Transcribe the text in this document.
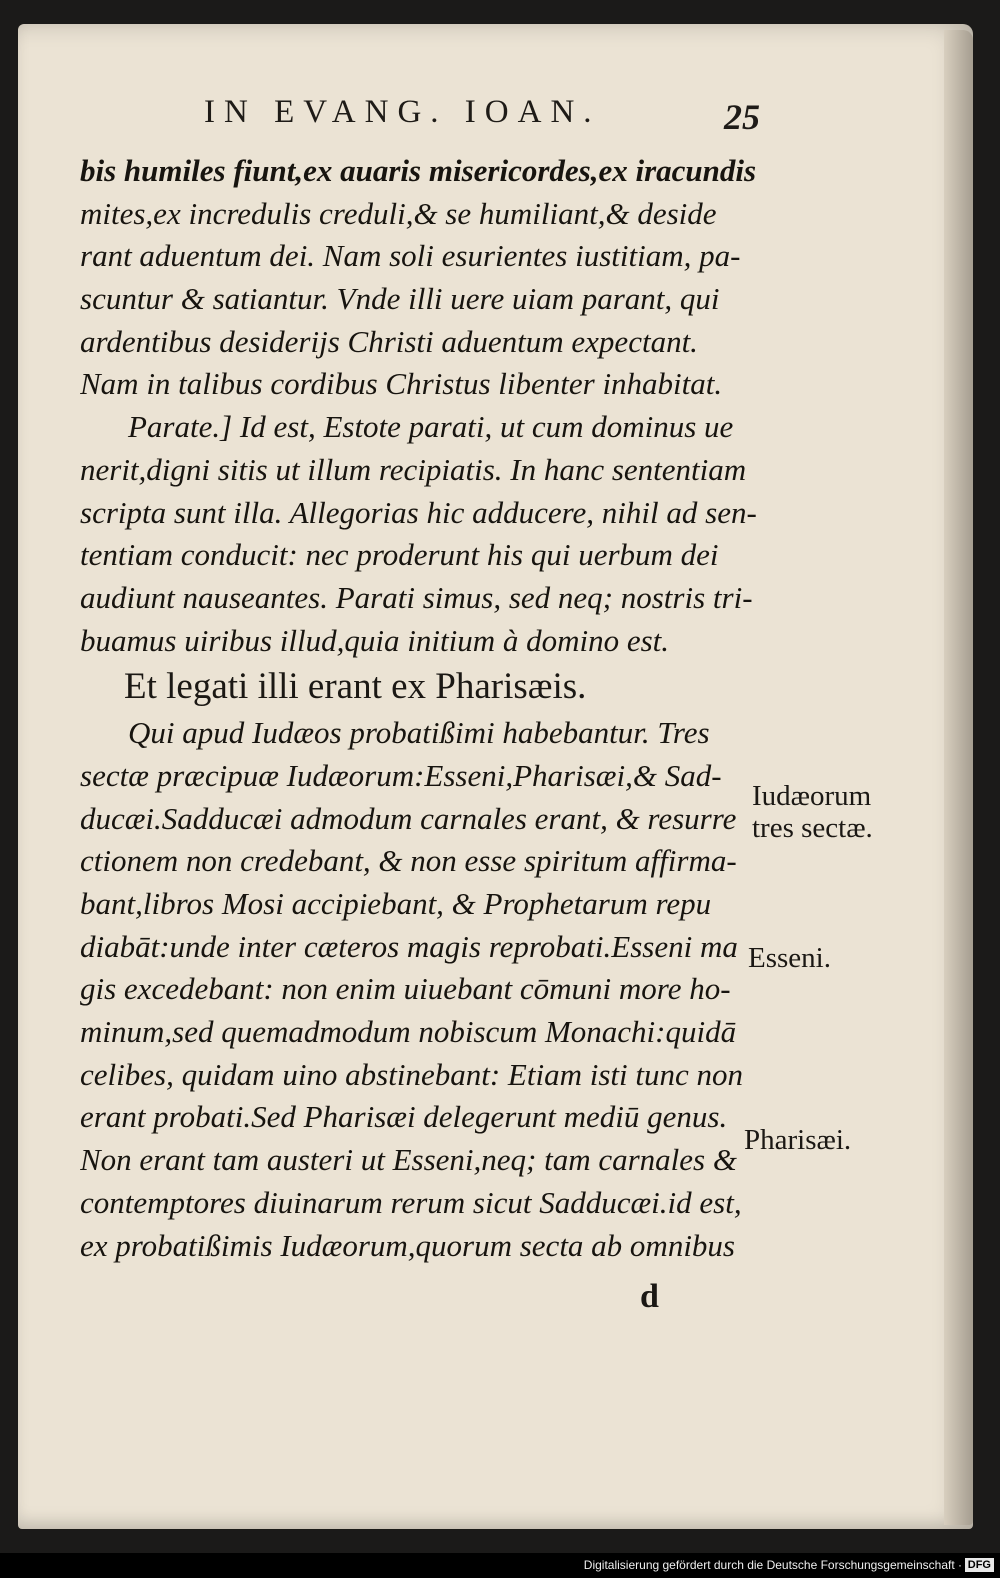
IN EVANG. IOAN.	25
bis humiles fiunt,ex auaris misericordes,ex iracundis
mites,ex incredulis creduli,& se humiliant,& deside
rant aduentum dei. Nam soli esurientes iustitiam, pa-
scuntur & satiantur. Vnde illi uere uiam parant, qui
ardentibus desiderijs Christi aduentum expectant.
Nam in talibus cordibus Christus libenter inhabitat.
Parate.] Id est, Estote parati, ut cum dominus ue
nerit,digni sitis ut illum recipiatis. In hanc sententiam
scripta sunt illa. Allegorias hic adducere, nihil ad sen-
tentiam conducit: nec proderunt his qui uerbum dei
audiunt nauseantes. Parati simus, sed neq; nostris tri-
buamus uiribus illud,quia initium à domino est.
Et legati illi erant ex Pharisæis.
Qui apud Iudæos probatißimi habebantur. Tres
sectæ præcipuæ Iudæorum:Esseni,Pharisæi,& Sad-
ducæi.Sadducæi admodum carnales erant, & resurre
ctionem non credebant, & non esse spiritum affirma-
bant,libros Mosi accipiebant, & Prophetarum repu
diabāt:unde inter cæteros magis reprobati.Esseni ma
gis excedebant: non enim uiuebant cōmuni more ho-
minum,sed quemadmodum nobiscum Monachi:quidā
celibes, quidam uino abstinebant: Etiam isti tunc non
erant probati.Sed Pharisæi delegerunt mediū genus.
Non erant tam austeri ut Esseni,neq; tam carnales &
contemptores diuinarum rerum sicut Sadducæi.id est,
ex probatißimis Iudæorum,quorum secta ab omnibus
Iudæorum
tres sectæ.
Esseni.
Pharisæi.
d
Digitalisierung gefördert durch die Deutsche Forschungsgemeinschaft · DFG
